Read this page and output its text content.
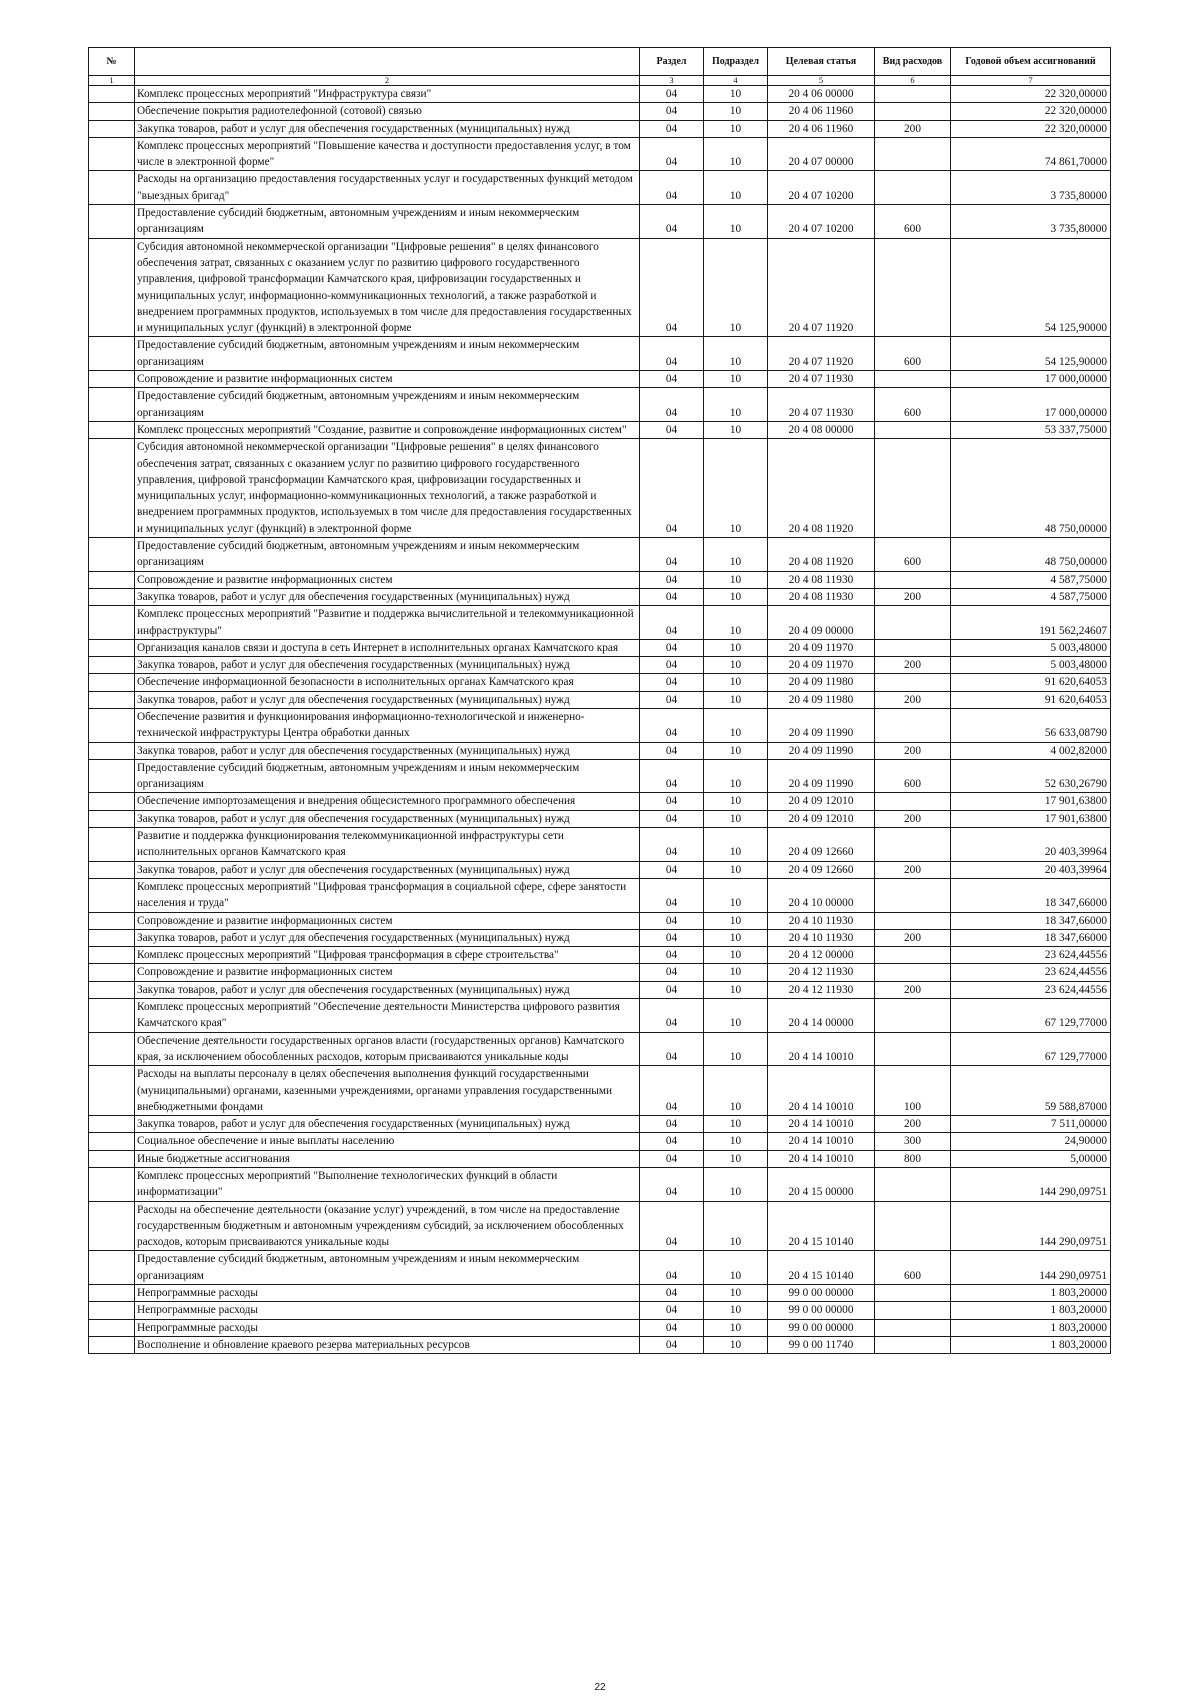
№		Раздел	Подраздел	Целевая статья	Вид расходов	Годовой объем ассигнований
1	2	3	4	5	6	7
	Комплекс процессных мероприятий "Инфраструктура связи"	04	10	20 4 06 00000		22 320,00000
	Обеспечение покрытия радиотелефонной (сотовой) связью	04	10	20 4 06 11960		22 320,00000
	Закупка товаров, работ и услуг для обеспечения государственных (муниципальных) нужд	04	10	20 4 06 11960	200	22 320,00000
	Комплекс процессных мероприятий "Повышение качества и доступности предоставления услуг, в том числе в электронной форме"	04	10	20 4 07 00000		74 861,70000
	Расходы на организацию предоставления государственных услуг и государственных функций методом "выездных бригад"	04	10	20 4 07 10200		3 735,80000
	Предоставление субсидий бюджетным, автономным учреждениям и иным некоммерческим организациям	04	10	20 4 07 10200	600	3 735,80000
	Субсидия автономной некоммерческой организации "Цифровые решения" в целях финансового обеспечения затрат, связанных с оказанием услуг по развитию цифрового государственного управления, цифровой трансформации Камчатского края, цифровизации государственных и муниципальных услуг, информационно-коммуникационных технологий, а также разработкой и внедрением программных продуктов, используемых в том числе для предоставления государственных и муниципальных услуг (функций) в электронной форме	04	10	20 4 07 11920		54 125,90000
	Предоставление субсидий бюджетным, автономным учреждениям и иным некоммерческим организациям	04	10	20 4 07 11920	600	54 125,90000
	Сопровождение и развитие информационных систем	04	10	20 4 07 11930		17 000,00000
	Предоставление субсидий бюджетным, автономным учреждениям и иным некоммерческим организациям	04	10	20 4 07 11930	600	17 000,00000
	Комплекс процессных мероприятий "Создание, развитие и сопровождение информационных систем"	04	10	20 4 08 00000		53 337,75000
	Субсидия автономной некоммерческой организации "Цифровые решения" в целях финансового обеспечения затрат, связанных с оказанием услуг по развитию цифрового государственного управления, цифровой трансформации Камчатского края, цифровизации государственных и муниципальных услуг, информационно-коммуникационных технологий, а также разработкой и внедрением программных продуктов, используемых в том числе для предоставления государственных и муниципальных услуг (функций) в электронной форме	04	10	20 4 08 11920		48 750,00000
	Предоставление субсидий бюджетным, автономным учреждениям и иным некоммерческим организациям	04	10	20 4 08 11920	600	48 750,00000
	Сопровождение и развитие информационных систем	04	10	20 4 08 11930		4 587,75000
	Закупка товаров, работ и услуг для обеспечения государственных (муниципальных) нужд	04	10	20 4 08 11930	200	4 587,75000
	Комплекс процессных мероприятий "Развитие и поддержка вычислительной и телекоммуникационной инфраструктуры"	04	10	20 4 09 00000		191 562,24607
	Организация каналов связи и доступа в сеть Интернет в исполнительных органах Камчатского края	04	10	20 4 09 11970		5 003,48000
	Закупка товаров, работ и услуг для обеспечения государственных (муниципальных) нужд	04	10	20 4 09 11970	200	5 003,48000
	Обеспечение информационной безопасности в исполнительных органах Камчатского края	04	10	20 4 09 11980		91 620,64053
	Закупка товаров, работ и услуг для обеспечения государственных (муниципальных) нужд	04	10	20 4 09 11980	200	91 620,64053
	Обеспечение развития и функционирования информационно-технологической и инженерно-технической инфраструктуры Центра обработки данных	04	10	20 4 09 11990		56 633,08790
	Закупка товаров, работ и услуг для обеспечения государственных (муниципальных) нужд	04	10	20 4 09 11990	200	4 002,82000
	Предоставление субсидий бюджетным, автономным учреждениям и иным некоммерческим организациям	04	10	20 4 09 11990	600	52 630,26790
	Обеспечение импортозамещения и внедрения общесистемного программного обеспечения	04	10	20 4 09 12010		17 901,63800
	Закупка товаров, работ и услуг для обеспечения государственных (муниципальных) нужд	04	10	20 4 09 12010	200	17 901,63800
	Развитие и поддержка функционирования телекоммуникационной инфраструктуры сети исполнительных органов Камчатского края	04	10	20 4 09 12660		20 403,39964
	Закупка товаров, работ и услуг для обеспечения государственных (муниципальных) нужд	04	10	20 4 09 12660	200	20 403,39964
	Комплекс процессных мероприятий "Цифровая трансформация в социальной сфере, сфере занятости населения и труда"	04	10	20 4 10 00000		18 347,66000
	Сопровождение и развитие информационных систем	04	10	20 4 10 11930		18 347,66000
	Закупка товаров, работ и услуг для обеспечения государственных (муниципальных) нужд	04	10	20 4 10 11930	200	18 347,66000
	Комплекс процессных мероприятий "Цифровая трансформация в сфере строительства"	04	10	20 4 12 00000		23 624,44556
	Сопровождение и развитие информационных систем	04	10	20 4 12 11930		23 624,44556
	Закупка товаров, работ и услуг для обеспечения государственных (муниципальных) нужд	04	10	20 4 12 11930	200	23 624,44556
	Комплекс процессных мероприятий "Обеспечение деятельности Министерства цифрового развития Камчатского края"	04	10	20 4 14 00000		67 129,77000
	Обеспечение деятельности государственных органов власти (государственных органов) Камчатского края, за исключением обособленных расходов, которым присваиваются уникальные коды	04	10	20 4 14 10010		67 129,77000
	Расходы на выплаты персоналу в целях обеспечения выполнения функций государственными (муниципальными) органами, казенными учреждениями, органами управления государственными внебюджетными фондами	04	10	20 4 14 10010	100	59 588,87000
	Закупка товаров, работ и услуг для обеспечения государственных (муниципальных) нужд	04	10	20 4 14 10010	200	7 511,00000
	Социальное обеспечение и иные выплаты населению	04	10	20 4 14 10010	300	24,90000
	Иные бюджетные ассигнования	04	10	20 4 14 10010	800	5,00000
	Комплекс процессных мероприятий "Выполнение технологических функций в области информатизации"	04	10	20 4 15 00000		144 290,09751
	Расходы на обеспечение деятельности (оказание услуг) учреждений, в том числе на предоставление государственным бюджетным и автономным учреждениям субсидий, за исключением обособленных расходов, которым присваиваются уникальные коды	04	10	20 4 15 10140		144 290,09751
	Предоставление субсидий бюджетным, автономным учреждениям и иным некоммерческим организациям	04	10	20 4 15 10140	600	144 290,09751
	Непрограммные расходы	04	10	99 0 00 00000		1 803,20000
	Непрограммные расходы	04	10	99 0 00 00000		1 803,20000
	Непрограммные расходы	04	10	99 0 00 00000		1 803,20000
	Восполнение и обновление краевого резерва материальных ресурсов	04	10	99 0 00 11740		1 803,20000
22
